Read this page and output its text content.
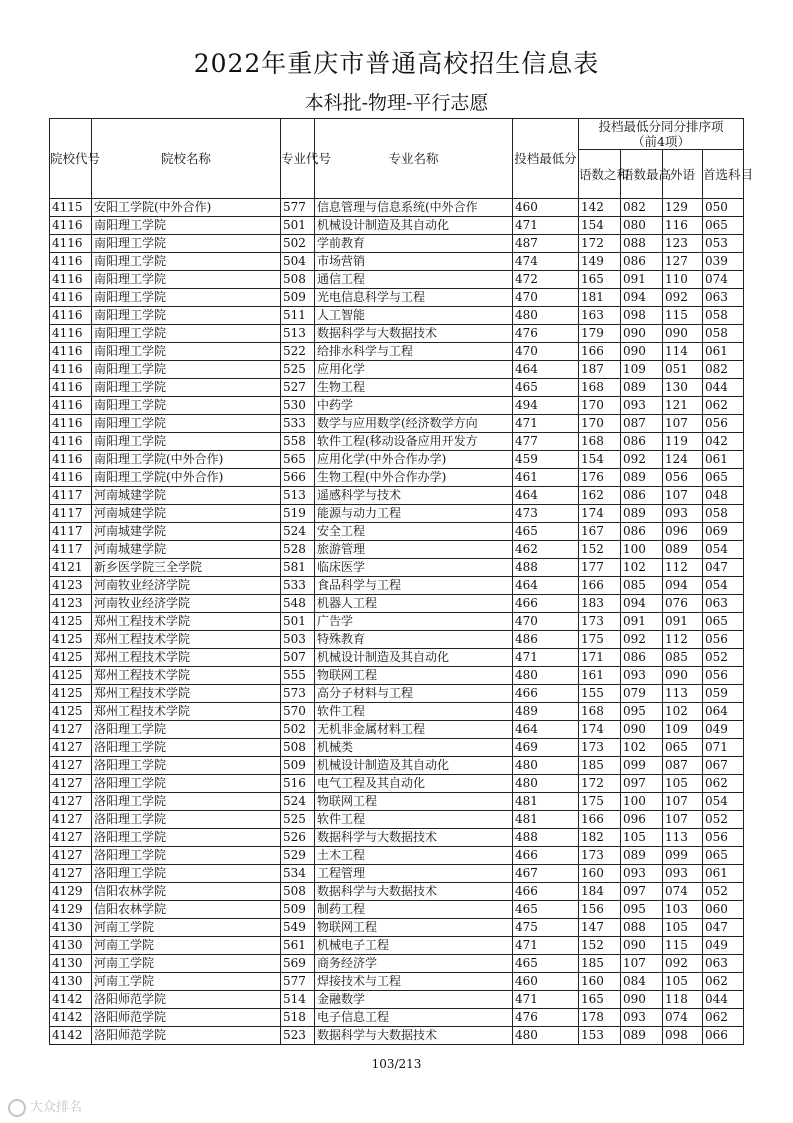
2022年重庆市普通高校招生信息表
本科批-物理-平行志愿
院校代号	院校名称	专业代号	专业名称	投档最低分	投档最低分同分排序项
（前4项）			
					语数之和	语数最高	外语	首选科目
4115	安阳工学院(中外合作)	577	信息管理与信息系统(中外合作	460	142	082	129	050
4116	南阳理工学院	501	机械设计制造及其自动化	471	154	080	116	065
4116	南阳理工学院	502	学前教育	487	172	088	123	053
4116	南阳理工学院	504	市场营销	474	149	086	127	039
4116	南阳理工学院	508	通信工程	472	165	091	110	074
4116	南阳理工学院	509	光电信息科学与工程	470	181	094	092	063
4116	南阳理工学院	511	人工智能	480	163	098	115	058
4116	南阳理工学院	513	数据科学与大数据技术	476	179	090	090	058
4116	南阳理工学院	522	给排水科学与工程	470	166	090	114	061
4116	南阳理工学院	525	应用化学	464	187	109	051	082
4116	南阳理工学院	527	生物工程	465	168	089	130	044
4116	南阳理工学院	530	中药学	494	170	093	121	062
4116	南阳理工学院	533	数学与应用数学(经济数学方向	471	170	087	107	056
4116	南阳理工学院	558	软件工程(移动设备应用开发方	477	168	086	119	042
4116	南阳理工学院(中外合作)	565	应用化学(中外合作办学)	459	154	092	124	061
4116	南阳理工学院(中外合作)	566	生物工程(中外合作办学)	461	176	089	056	065
4117	河南城建学院	513	遥感科学与技术	464	162	086	107	048
4117	河南城建学院	519	能源与动力工程	473	174	089	093	058
4117	河南城建学院	524	安全工程	465	167	086	096	069
4117	河南城建学院	528	旅游管理	462	152	100	089	054
4121	新乡医学院三全学院	581	临床医学	488	177	102	112	047
4123	河南牧业经济学院	533	食品科学与工程	464	166	085	094	054
4123	河南牧业经济学院	548	机器人工程	466	183	094	076	063
4125	郑州工程技术学院	501	广告学	470	173	091	091	065
4125	郑州工程技术学院	503	特殊教育	486	175	092	112	056
4125	郑州工程技术学院	507	机械设计制造及其自动化	471	171	086	085	052
4125	郑州工程技术学院	555	物联网工程	480	161	093	090	056
4125	郑州工程技术学院	573	高分子材料与工程	466	155	079	113	059
4125	郑州工程技术学院	570	软件工程	489	168	095	102	064
4127	洛阳理工学院	502	无机非金属材料工程	464	174	090	109	049
4127	洛阳理工学院	508	机械类	469	173	102	065	071
4127	洛阳理工学院	509	机械设计制造及其自动化	480	185	099	087	067
4127	洛阳理工学院	516	电气工程及其自动化	480	172	097	105	062
4127	洛阳理工学院	524	物联网工程	481	175	100	107	054
4127	洛阳理工学院	525	软件工程	481	166	096	107	052
4127	洛阳理工学院	526	数据科学与大数据技术	488	182	105	113	056
4127	洛阳理工学院	529	土木工程	466	173	089	099	065
4127	洛阳理工学院	534	工程管理	467	160	093	093	061
4129	信阳农林学院	508	数据科学与大数据技术	466	184	097	074	052
4129	信阳农林学院	509	制药工程	465	156	095	103	060
4130	河南工学院	549	物联网工程	475	147	088	105	047
4130	河南工学院	561	机械电子工程	471	152	090	115	049
4130	河南工学院	569	商务经济学	465	185	107	092	063
4130	河南工学院	577	焊接技术与工程	460	160	084	105	062
4142	洛阳师范学院	514	金融数学	471	165	090	118	044
4142	洛阳师范学院	518	电子信息工程	476	178	093	074	062
4142	洛阳师范学院	523	数据科学与大数据技术	480	153	089	098	066
103/213
大众排名
